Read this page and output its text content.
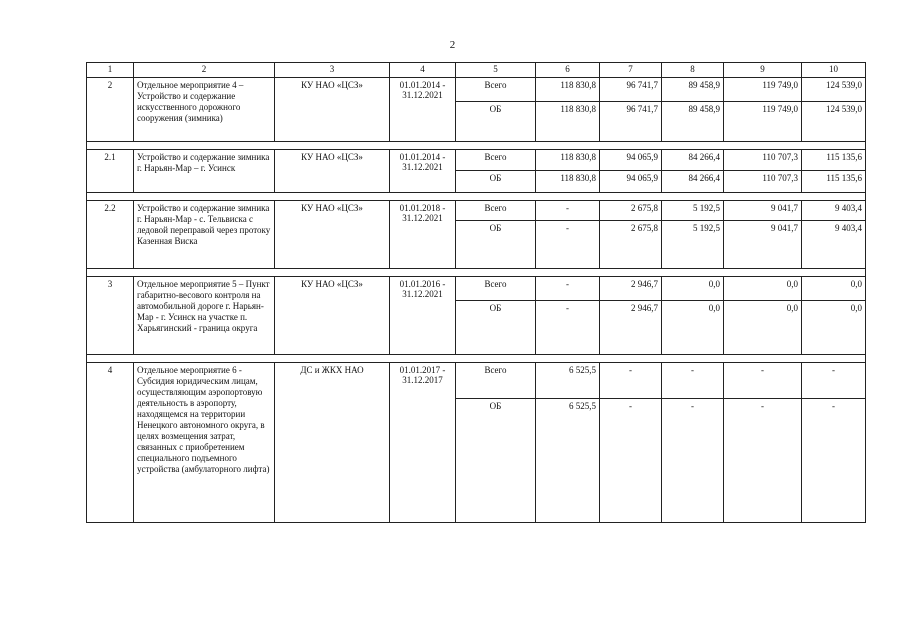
2
1	2	3	4	5	6	7	8	9	10
2	Отдельное мероприятие 4 – Устройство и содержание искусственного дорожного сооружения (зимника)	КУ НАО «ЦСЗ»	01.01.2014 - 31.12.2021	Всего	118 830,8	96 741,7	89 458,9	119 749,0	124 539,0
				ОБ	118 830,8	96 741,7	89 458,9	119 749,0	124 539,0

2.1	Устройство и содержание зимника г. Нарьян-Мар – г. Усинск	КУ НАО «ЦСЗ»	01.01.2014 - 31.12.2021	Всего	118 830,8	94 065,9	84 266,4	110 707,3	115 135,6
				ОБ	118 830,8	94 065,9	84 266,4	110 707,3	115 135,6

2.2	Устройство и содержание зимника г. Нарьян-Мар - с. Тельвиска с ледовой переправой через протоку Казенная Виска	КУ НАО «ЦСЗ»	01.01.2018 - 31.12.2021	Всего	-	2 675,8	5 192,5	9 041,7	9 403,4
				ОБ	-	2 675,8	5 192,5	9 041,7	9 403,4

3	Отдельное мероприятие 5 – Пункт габаритно-весового контроля на автомобильной дороге г. Нарьян-Мар - г. Усинск на участке п. Харьягинский - граница округа	КУ НАО «ЦСЗ»	01.01.2016 - 31.12.2021	Всего	-	2 946,7	0,0	0,0	0,0
				ОБ	-	2 946,7	0,0	0,0	0,0

4	Отдельное мероприятие 6 - Субсидия юридическим лицам, осуществляющим аэропортовую деятельность в аэропорту, находящемся на территории Ненецкого автономного округа, в целях возмещения затрат, связанных с приобретением специального подъемного устройства (амбулаторного лифта)	ДС и ЖКХ НАО	01.01.2017 - 31.12.2017	Всего	6 525,5	-	-	-	-
				ОБ	6 525,5	-	-	-	-
